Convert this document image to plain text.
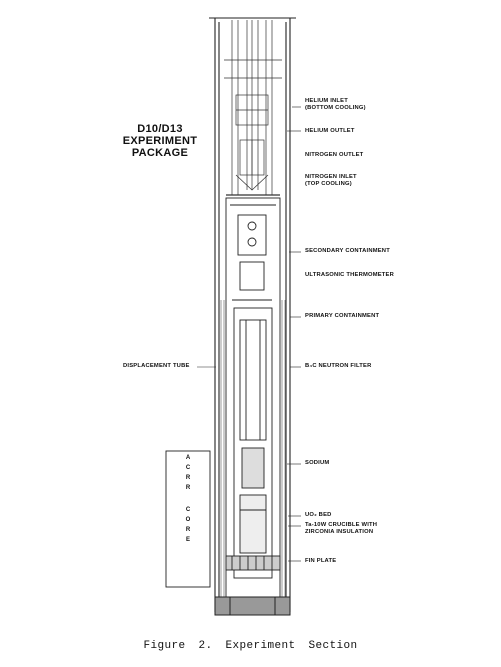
D10/D13
EXPERIMENT
PACKAGE
HELIUM INLET
(BOTTOM COOLING)
HELIUM OUTLET
NITROGEN OUTLET
NITROGEN INLET
(TOP COOLING)
SECONDARY CONTAINMENT
ULTRASONIC THERMOMETER
PRIMARY CONTAINMENT
B₄C NEUTRON FILTER
SODIUM
UO₂ BED
Ta-10W CRUCIBLE WITH
ZIRCONIA INSULATION
FIN PLATE
DISPLACEMENT TUBE
A
C
R
R
C
O
R
E
Figure 2. Experiment Section
